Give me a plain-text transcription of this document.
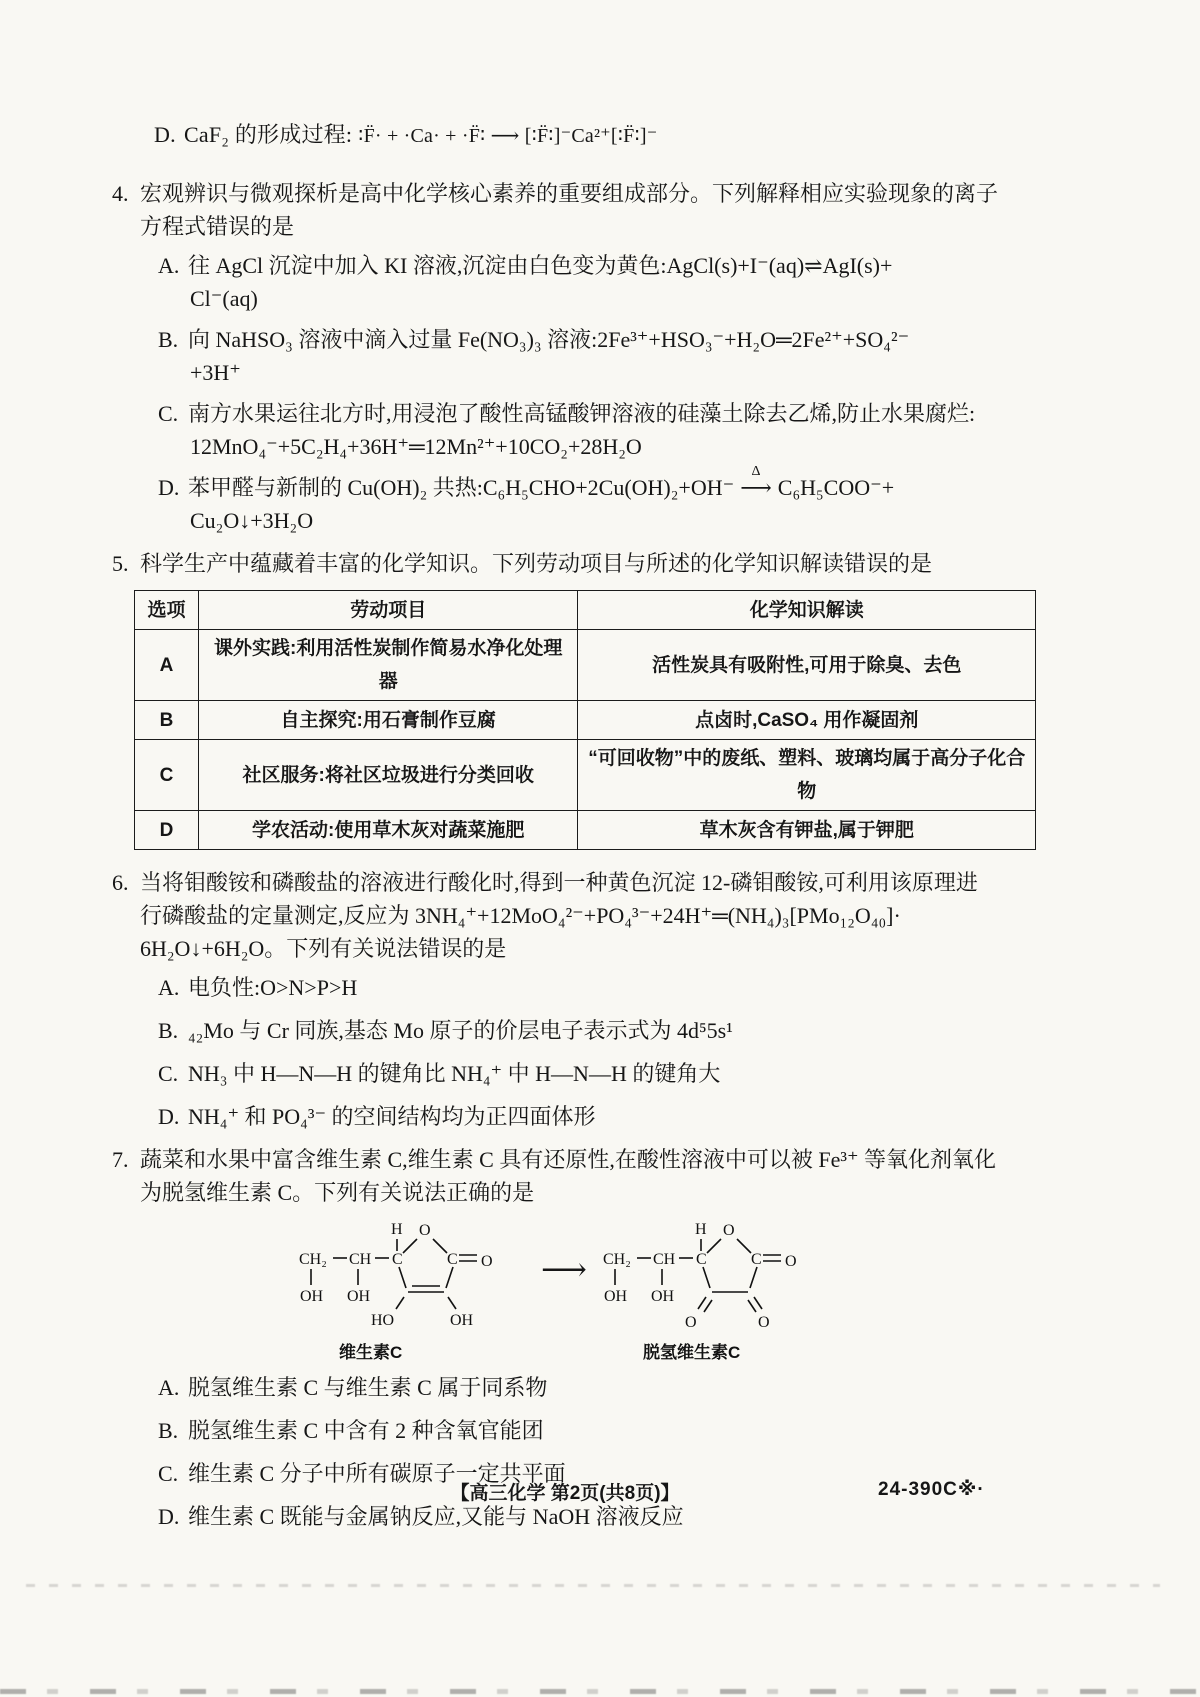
D. CaF₂ 的形成过程: ∶F̈· + ·Ca· + ·F̈∶ ⟶ [∶F̈∶]⁻Ca²⁺[∶F̈∶]⁻
4. 宏观辨识与微观探析是高中化学核心素养的重要组成部分。下列解释相应实验现象的离子
方程式错误的是
A. 往 AgCl 沉淀中加入 KI 溶液,沉淀由白色变为黄色:AgCl(s)+I⁻(aq)⇌AgI(s)+
Cl⁻(aq)
B. 向 NaHSO₃ 溶液中滴入过量 Fe(NO₃)₃ 溶液:2Fe³⁺+HSO₃⁻+H₂O═2Fe²⁺+SO₄²⁻
+3H⁺
C. 南方水果运往北方时,用浸泡了酸性高锰酸钾溶液的硅藻土除去乙烯,防止水果腐烂:
12MnO₄⁻+5C₂H₄+36H⁺═12Mn²⁺+10CO₂+28H₂O
D. 苯甲醛与新制的 Cu(OH)₂ 共热:C₆H₅CHO+2Cu(OH)₂+OH⁻
Δ
⟶ C₆H₅COO⁻+
Cu₂O↓+3H₂O
5. 科学生产中蕴藏着丰富的化学知识。下列劳动项目与所述的化学知识解读错误的是
选项	劳动项目	化学知识解读
A	课外实践:利用活性炭制作简易水净化处理器	活性炭具有吸附性,可用于除臭、去色
B	自主探究:用石膏制作豆腐	点卤时,CaSO₄ 用作凝固剂
C	社区服务:将社区垃圾进行分类回收	“可回收物”中的废纸、塑料、玻璃均属于高分子化合物
D	学农活动:使用草木灰对蔬菜施肥	草木灰含有钾盐,属于钾肥
6. 当将钼酸铵和磷酸盐的溶液进行酸化时,得到一种黄色沉淀 12-磷钼酸铵,可利用该原理进
行磷酸盐的定量测定,反应为 3NH₄⁺+12MoO₄²⁻+PO₄³⁻+24H⁺═(NH₄)₃[PMo₁₂O₄₀]·
6H₂O↓+6H₂O。下列有关说法错误的是
A. 电负性:O>N>P>H
B. ₄₂Mo 与 Cr 同族,基态 Mo 原子的价层电子表示式为 4d⁵5s¹
C. NH₃ 中 H—N—H 的键角比 NH₄⁺ 中 H—N—H 的键角大
D. NH₄⁺ 和 PO₄³⁻ 的空间结构均为正四面体形
7. 蔬菜和水果中富含维生素 C,维生素 C 具有还原性,在酸性溶液中可以被 Fe³⁺ 等氧化剂氧化
为脱氢维生素 C。下列有关说法正确的是
CH₂ CH C
H O
C O
OH OH
HO	OH
维生素C
⟶ CH₂ CH C
H O
C O
OH OH
O	O
脱氢维生素C
A. 脱氢维生素 C 与维生素 C 属于同系物
B. 脱氢维生素 C 中含有 2 种含氧官能团
C. 维生素 C 分子中所有碳原子一定共平面
D. 维生素 C 既能与金属钠反应,又能与 NaOH 溶液反应
【高三化学 第2页(共8页)】	24-390C※·
